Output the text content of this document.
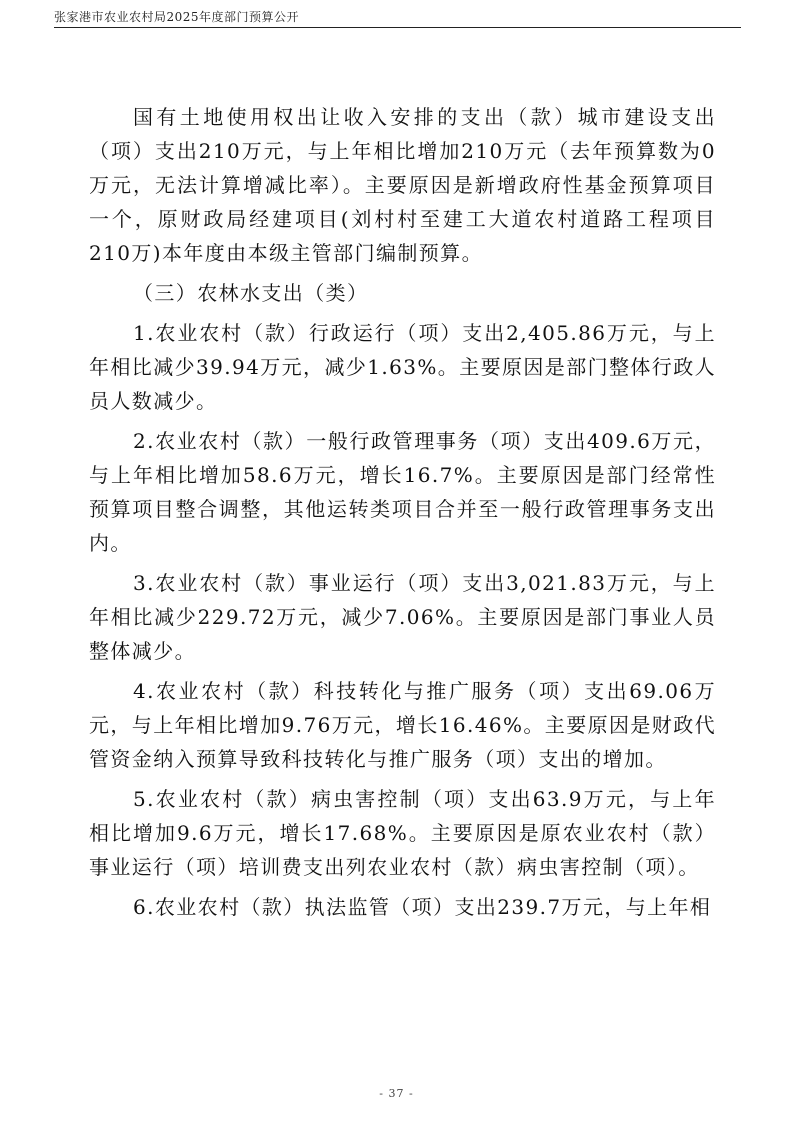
张家港市农业农村局2025年度部门预算公开

国有土地使用权出让收入安排的支出（款）城市建设支出（项）支出210万元，与上年相比增加210万元（去年预算数为0万元，无法计算增减比率）。主要原因是新增政府性基金预算项目一个，原财政局经建项目(刘村村至建工大道农村道路工程项目210万)本年度由本级主管部门编制预算。

（三）农林水支出（类）

1.农业农村（款）行政运行（项）支出2,405.86万元，与上年相比减少39.94万元，减少1.63%。主要原因是部门整体行政人员人数减少。

2.农业农村（款）一般行政管理事务（项）支出409.6万元，与上年相比增加58.6万元，增长16.7%。主要原因是部门经常性预算项目整合调整，其他运转类项目合并至一般行政管理事务支出内。

3.农业农村（款）事业运行（项）支出3,021.83万元，与上年相比减少229.72万元，减少7.06%。主要原因是部门事业人员整体减少。

4.农业农村（款）科技转化与推广服务（项）支出69.06万元，与上年相比增加9.76万元，增长16.46%。主要原因是财政代管资金纳入预算导致科技转化与推广服务（项）支出的增加。

5.农业农村（款）病虫害控制（项）支出63.9万元，与上年相比增加9.6万元，增长17.68%。主要原因是原农业农村（款）事业运行（项）培训费支出列农业农村（款）病虫害控制（项）。

6.农业农村（款）执法监管（项）支出239.7万元，与上年相

- 37 -
